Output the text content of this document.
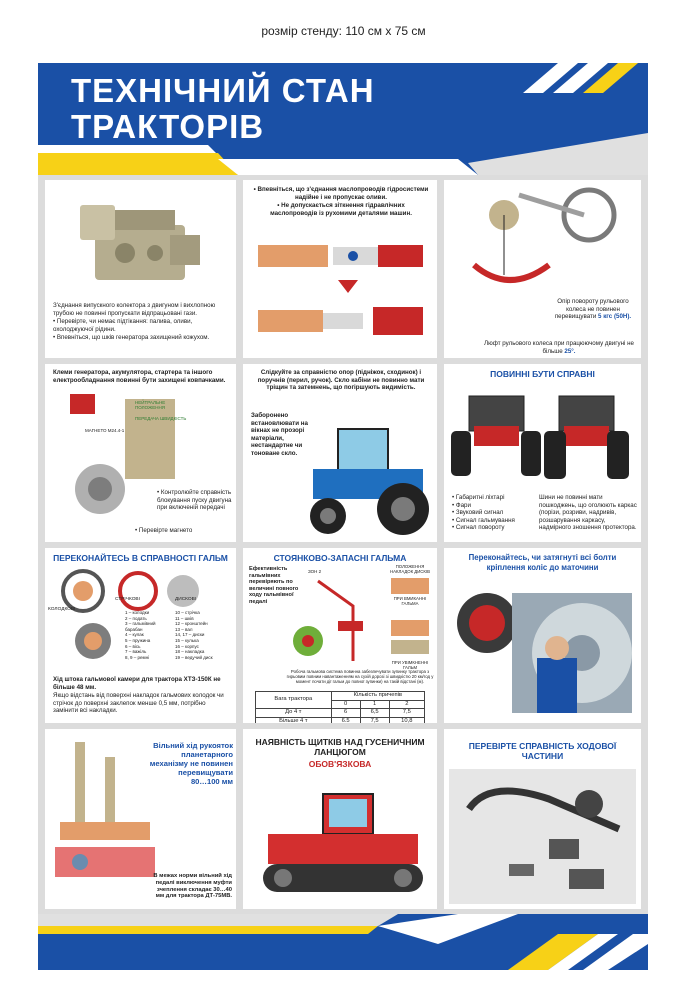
розмір стенду: 110 см х 75 см
ТЕХНІЧНИЙ СТАН
ТРАКТОРІВ

З'єднання випускного колектора з двигуном і вихлопною трубою не повинні пропускати відпрацьовані гази.

• Перевірте, чи немає підтікання: палива, оливи, охолоджуючої рідини.

• Впевніться, що шків генератора захищений кожухом.

• Впевніться, що з'єднання маслопроводів гідросистеми надійне і не пропускає оливи.

• Не допускається зіткнення гідравлічних маслопроводів із рухомими деталями машин.

Опір повороту рульового колеса не повинен перевищувати 5 кгс (50Н).
Люфт рульового колеса при працюючому двигуні не більше 25°.
Клеми генератора, акумулятора, стартера та іншого електрообладнання повинні бути захищені ковпачками.
НЕЙТРАЛЬНЕ ПОЛОЖЕННЯ
ПЕРЕДАЧА ШВИДКІСТЬ
МАГНЕТО М24.4-1
• Контролюйте справність блокування пуску двигуна при включеній передачі
• Перевірте магнето
Слідкуйте за справністю опор (підніжок, сходинок) і поручнів (перил, ручок). Скло кабіни не повинно мати тріщин та затемнень, що погіршують видимість.
Заборонено встановлювати на вікнах не прозорі матеріали, нестандартне чи тоноване скло.
ПОВИННІ БУТИ СПРАВНІ
• Габаритні ліхтарі
• Фари
• Звуковий сигнал
• Сигнал гальмування
• Сигнал повороту
Шини не повинні мати пошкоджень, що оголюють каркас (порізи, розриви, надривів, розшарування каркасу, надмірного зношення протектора.
ПЕРЕКОНАЙТЕСЬ В СПРАВНОСТІ ГАЛЬМ
КОЛОДКОВІ
СТРІЧКОВІ	ДИСКОВІ
1 – колодки
2 – подать
3 – гальмівний барабан
4 – кулак
5 – пружина
6 – вісь
7 – важіль
8, 9 – ремні
10 – стрічка
11 – шків
12 – кронштейн
13 – вал
14, 17 – диски
15 – кулька
16 – корпус
18 – накладка
19 – ведучий диск
Хід штока гальмової камери для трактора ХТЗ-150К не більше 48 мм.
Якщо відстань від поверхні накладок гальмових колодок чи стрічок до поверхні заклепок менше 0,5 мм, потрібно замінити всі накладки.
СТОЯНКОВО-ЗАПАСНІ ГАЛЬМА
Ефективність гальмівних перевіряють по величині повного ходу гальмівної педалі
ЗОН 2
ПОЛОЖЕННЯ НАКЛАДОК ДИСКІВ
ПРИ ВМИКАННІ ГАЛЬМА
ПРИ УВІМКНЕННІ ГАЛЬМ
Робоча гальмова система повинна забезпечувати зупинку трактора з гирьовим повним навантаженням на сухій дорозі зі швидкістю 20 км/год у момент почати дії гальм до повної зупинки) на такій відстані (м).
Вага трактора	Кількість причепів		
	0	1	2
До 4 т	6	6,5	7,5
Більше 4 т	6.5	7,5	10,8
Переконайтесь, чи затягнуті всі болти кріплення коліс до маточини
Вільний хід рукояток планетарного механізму не повинен перевищувати
80…100 мм
В межах норми вільний хід педалі виключення муфти зчеплення складає 30…40 мм для трактора ДТ-75МВ.
НАЯВНІСТЬ ЩИТКІВ НАД ГУСЕНИЧНИМ ЛАНЦЮГОМ
ОБОВ'ЯЗКОВА
ПЕРЕВІРТЕ СПРАВНІСТЬ ХОДОВОЇ ЧАСТИНИ
